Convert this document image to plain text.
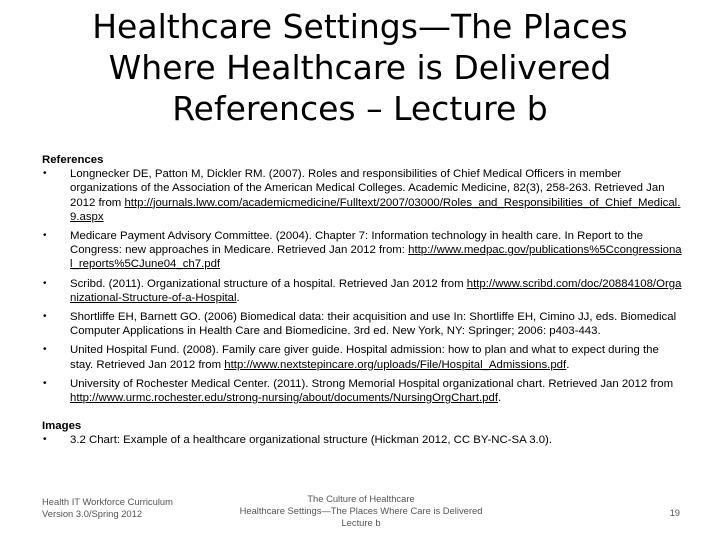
Healthcare Settings—The Places
Where Healthcare is Delivered
References – Lecture b

References

• Longnecker DE, Patton M, Dickler RM. (2007). Roles and responsibilities of Chief Medical Officers in member organizations of the Association of the American Medical Colleges. Academic Medicine, 82(3), 258-263. Retrieved Jan 2012 from http://journals.lww.com/academicmedicine/Fulltext/2007/03000/Roles_and_Responsibilities_of_Chief_Medical.9.aspx
• Medicare Payment Advisory Committee. (2004). Chapter 7: Information technology in health care. In Report to the Congress: new approaches in Medicare. Retrieved Jan 2012 from: http://www.medpac.gov/publications%5Ccongressional_reports%5CJune04_ch7.pdf
• Scribd. (2011). Organizational structure of a hospital. Retrieved Jan 2012 from http://www.scribd.com/doc/20884108/Organizational-Structure-of-a-Hospital.
• Shortliffe EH, Barnett GO. (2006) Biomedical data: their acquisition and use In: Shortliffe EH, Cimino JJ, eds. Biomedical Computer Applications in Health Care and Biomedicine. 3rd ed. New York, NY: Springer; 2006: p403-443.
• United Hospital Fund. (2008). Family care giver guide. Hospital admission: how to plan and what to expect during the stay. Retrieved Jan 2012 from http://www.nextstepincare.org/uploads/File/Hospital_Admissions.pdf.
• University of Rochester Medical Center. (2011). Strong Memorial Hospital organizational chart. Retrieved Jan 2012 from http://www.urmc.rochester.edu/strong-nursing/about/documents/NursingOrgChart.pdf.

Images

• 3.2 Chart: Example of a healthcare organizational structure (Hickman 2012, CC BY-NC-SA 3.0).
Health IT Workforce Curriculum
Version 3.0/Spring 2012
The Culture of Healthcare
Healthcare Settings—The Places Where Care is Delivered
Lecture b
19
